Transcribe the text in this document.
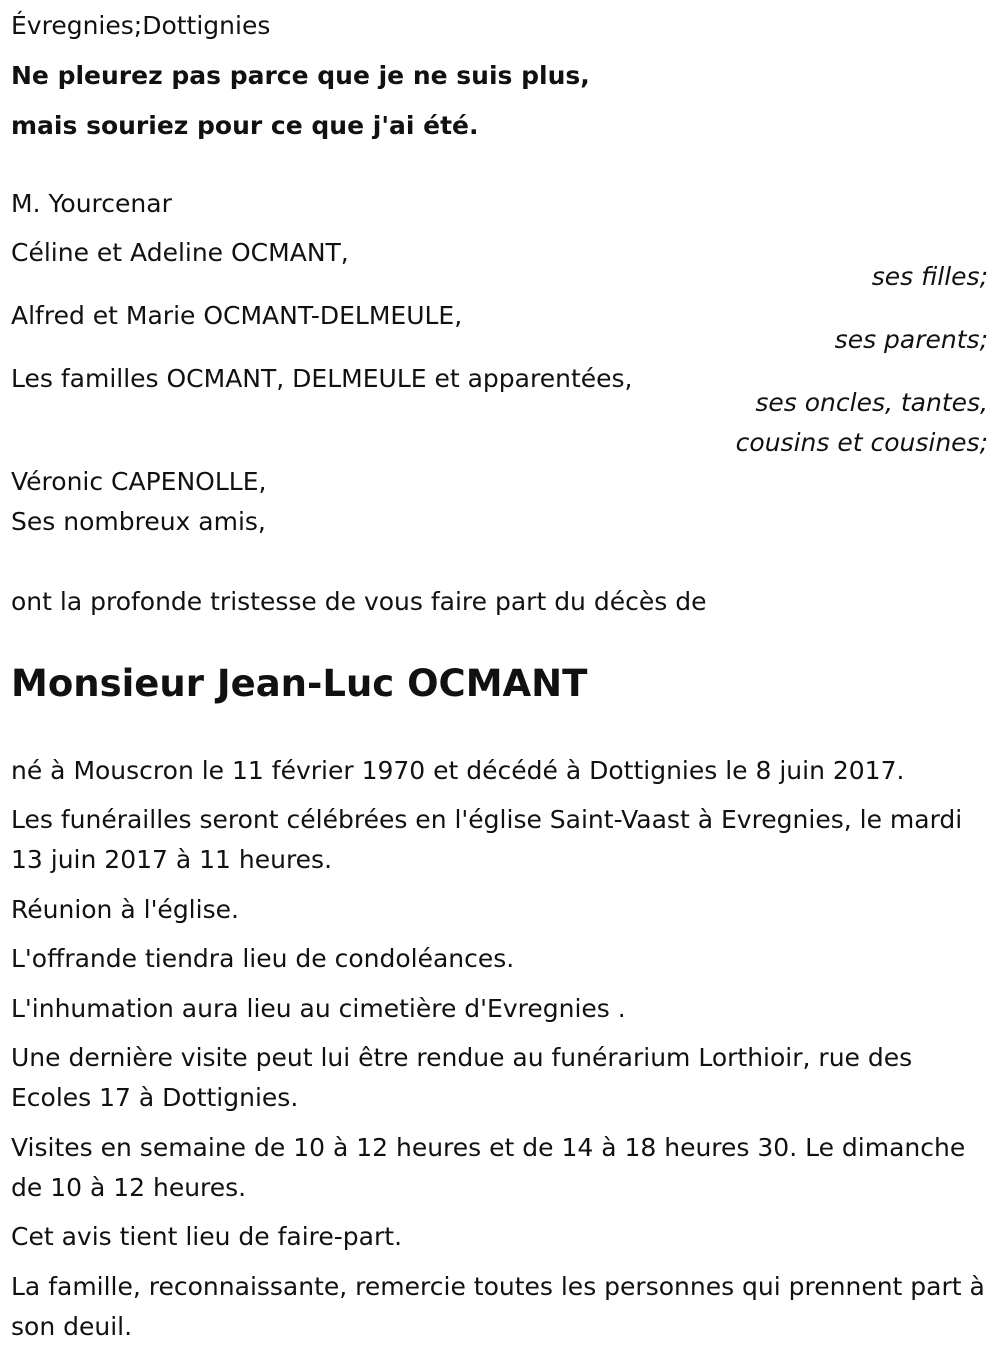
Évregnies;Dottignies
Ne pleurez pas parce que je ne suis plus,
mais souriez pour ce que j'ai été.
M. Yourcenar
Céline et Adeline OCMANT,
ses filles;
Alfred et Marie OCMANT-DELMEULE,
ses parents;
Les familles OCMANT, DELMEULE et apparentées,
ses oncles, tantes,
cousins et cousines;
Véronic CAPENOLLE,
Ses nombreux amis,
ont la profonde tristesse de vous faire part du décès de
Monsieur Jean-Luc OCMANT
né à Mouscron le 11 février 1970 et décédé à Dottignies le 8 juin 2017.
Les funérailles seront célébrées en l'église Saint-Vaast à Evregnies, le mardi 13 juin 2017 à 11 heures.
Réunion à l'église.
L'offrande tiendra lieu de condoléances.
L'inhumation aura lieu au cimetière d'Evregnies .
Une dernière visite peut lui être rendue au funérarium Lorthioir, rue des Ecoles 17 à Dottignies.
Visites en semaine de 10 à 12 heures et de 14 à 18 heures 30. Le dimanche de 10 à 12 heures.
Cet avis tient lieu de faire-part.
La famille, reconnaissante, remercie toutes les personnes qui prennent part à son deuil.
